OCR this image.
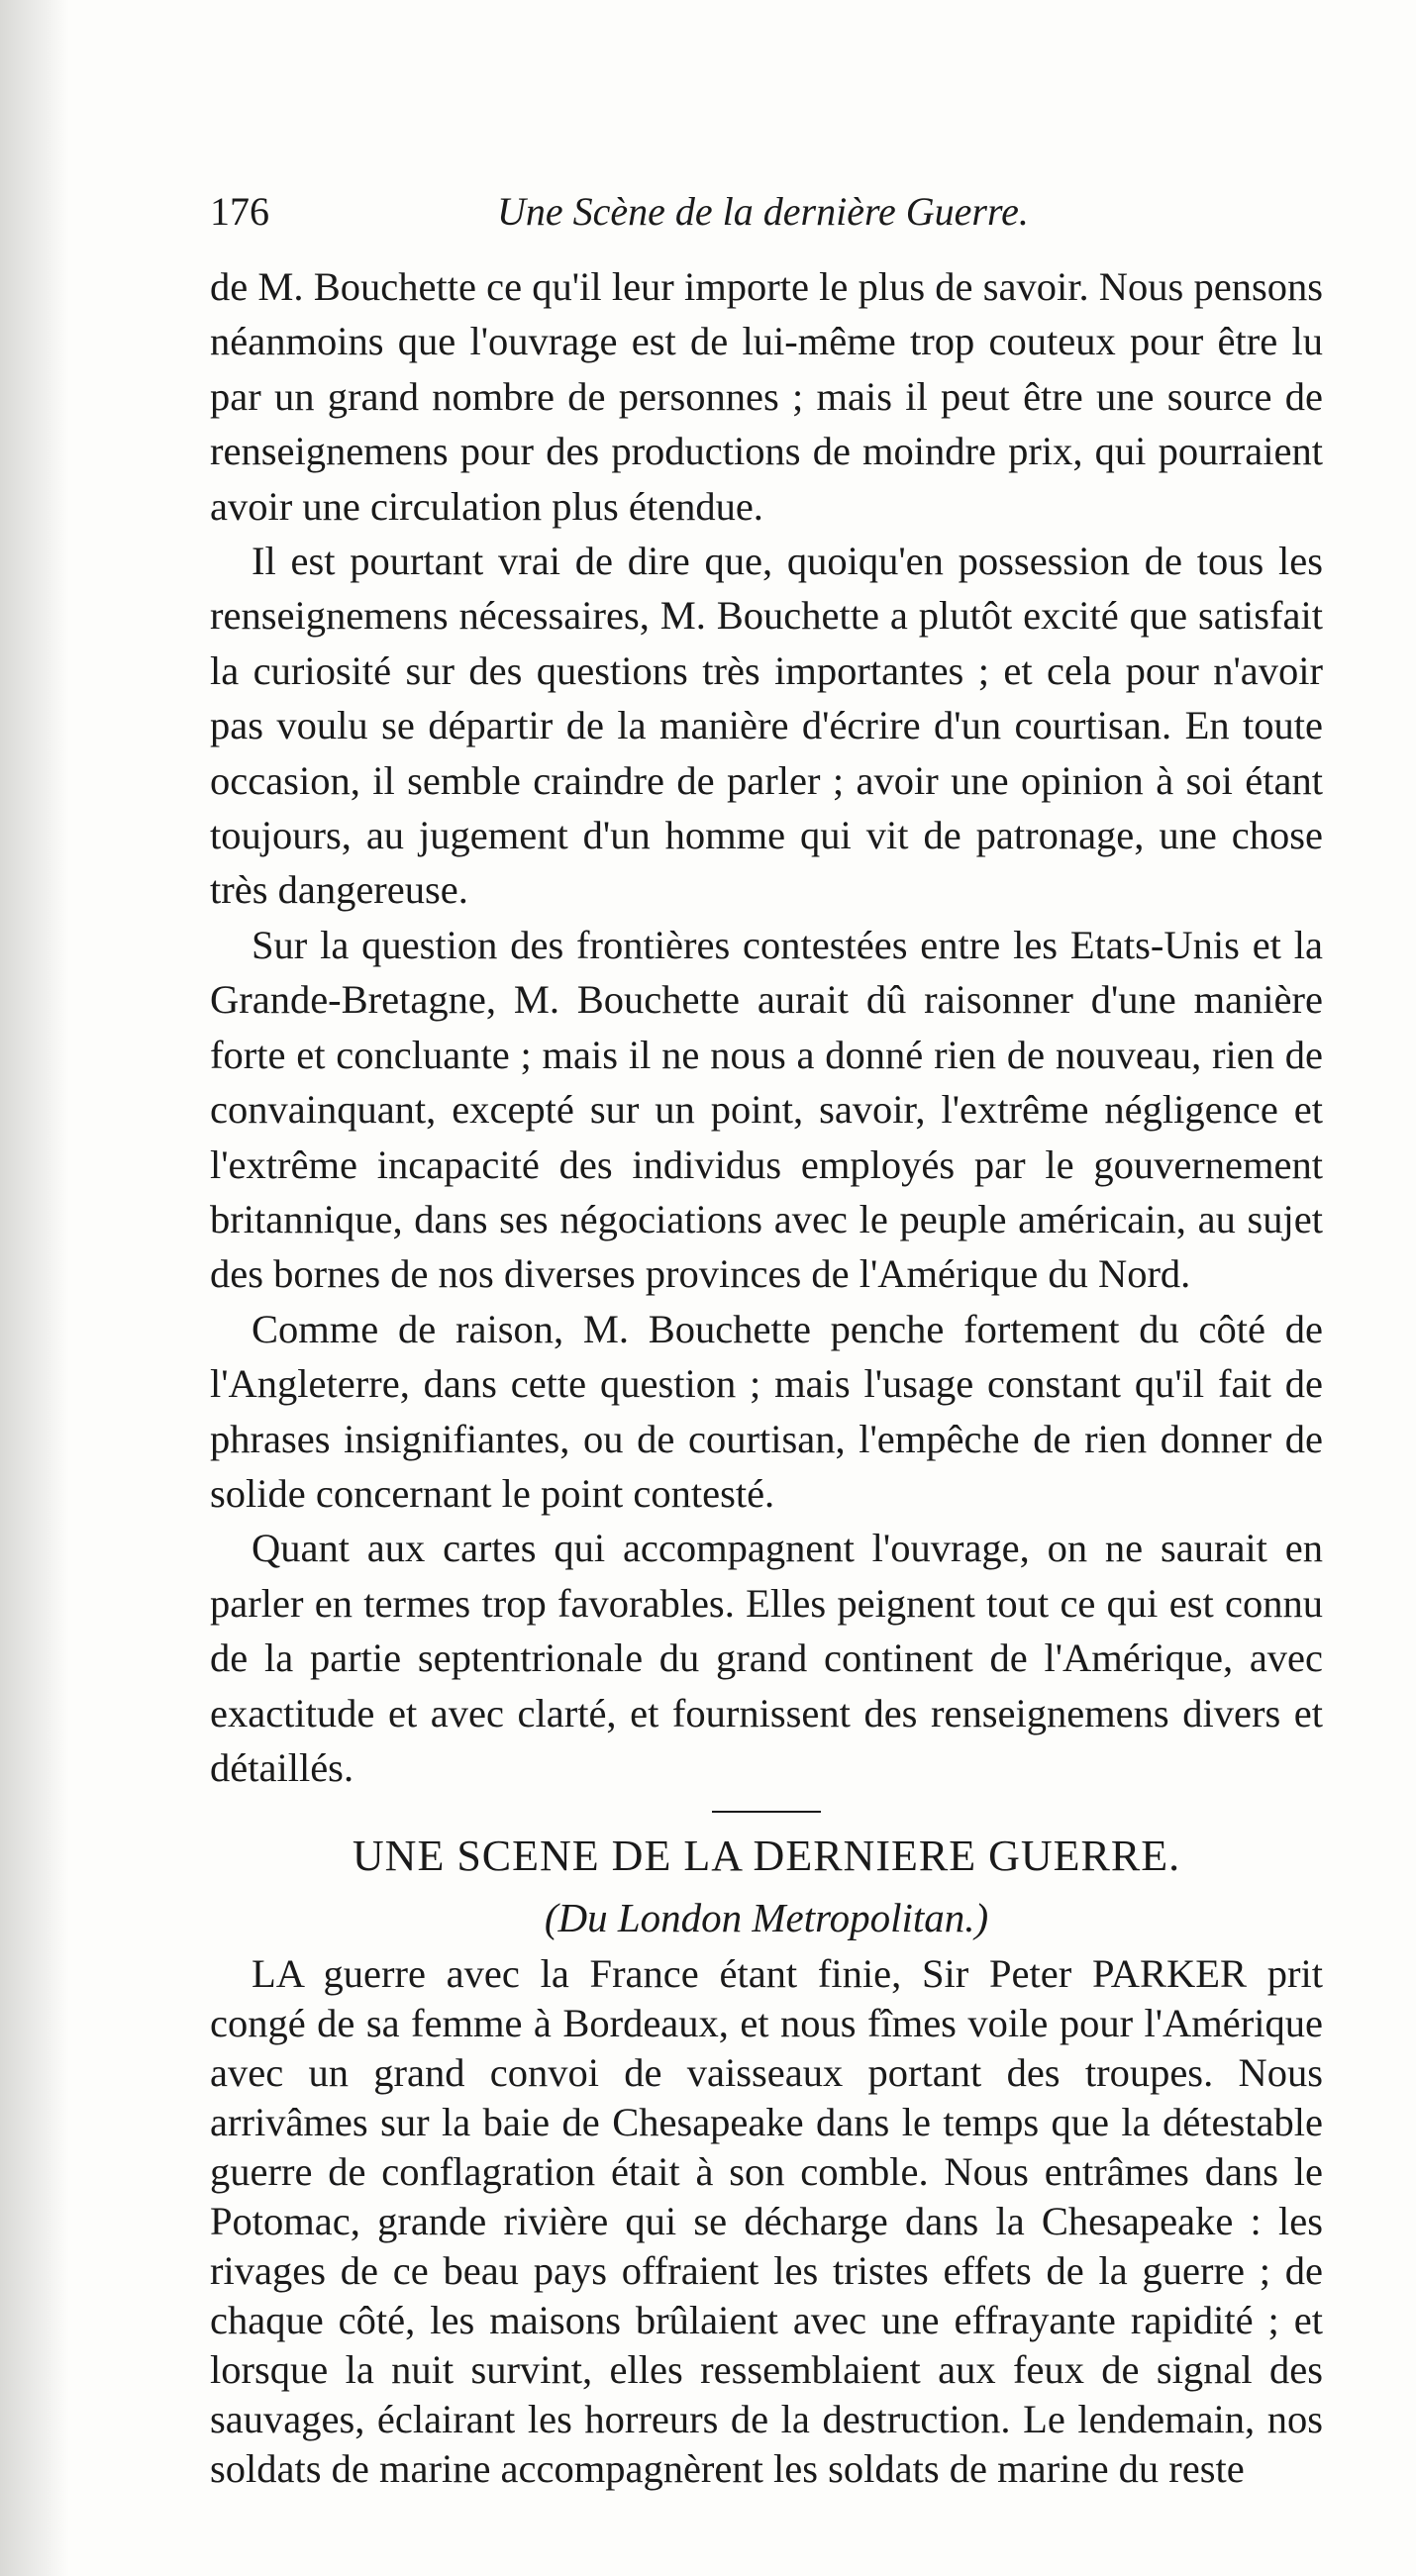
176	Une Scène de la dernière Guerre.

de M. Bouchette ce qu'il leur importe le plus de savoir. Nous pensons néanmoins que l'ouvrage est de lui-même trop couteux pour être lu par un grand nombre de personnes ; mais il peut être une source de renseignemens pour des productions de moindre prix, qui pourraient avoir une circulation plus étendue.

Il est pourtant vrai de dire que, quoiqu'en possession de tous les renseignemens nécessaires, M. Bouchette a plutôt excité que satisfait la curiosité sur des questions très importantes ; et cela pour n'avoir pas voulu se départir de la manière d'écrire d'un courtisan. En toute occasion, il semble craindre de parler ; avoir une opinion à soi étant toujours, au jugement d'un homme qui vit de patronage, une chose très dangereuse.

Sur la question des frontières contestées entre les Etats-Unis et la Grande-Bretagne, M. Bouchette aurait dû raisonner d'une manière forte et concluante ; mais il ne nous a donné rien de nouveau, rien de convainquant, excepté sur un point, savoir, l'extrême négligence et l'extrême incapacité des individus employés par le gouvernement britannique, dans ses négociations avec le peuple américain, au sujet des bornes de nos diverses provinces de l'Amérique du Nord.

Comme de raison, M. Bouchette penche fortement du côté de l'Angleterre, dans cette question ; mais l'usage constant qu'il fait de phrases insignifiantes, ou de courtisan, l'empêche de rien donner de solide concernant le point contesté.

Quant aux cartes qui accompagnent l'ouvrage, on ne saurait en parler en termes trop favorables. Elles peignent tout ce qui est connu de la partie septentrionale du grand continent de l'Amérique, avec exactitude et avec clarté, et fournissent des renseignemens divers et détaillés.

UNE SCENE DE LA DERNIERE GUERRE.

(Du London Metropolitan.)

LA guerre avec la France étant finie, Sir Peter PARKER prit congé de sa femme à Bordeaux, et nous fîmes voile pour l'Amérique avec un grand convoi de vaisseaux portant des troupes. Nous arrivâmes sur la baie de Chesapeake dans le temps que la détestable guerre de conflagration était à son comble. Nous entrâmes dans le Potomac, grande rivière qui se décharge dans la Chesapeake : les rivages de ce beau pays offraient les tristes effets de la guerre ; de chaque côté, les maisons brûlaient avec une effrayante rapidité ; et lorsque la nuit survint, elles ressemblaient aux feux de signal des sauvages, éclairant les horreurs de la destruction. Le lendemain, nos soldats de marine accompagnèrent les soldats de marine du reste
